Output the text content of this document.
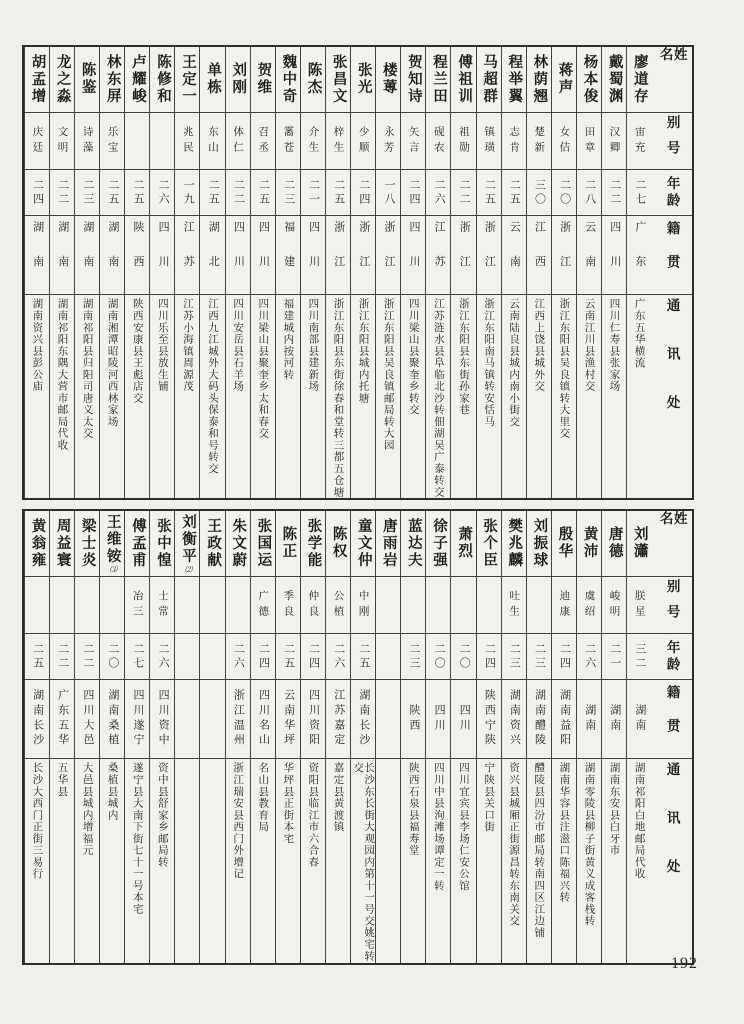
姓名
别号
年龄
籍贯
通讯处
廖道存
宙充
二七
广东
广东五华横流
戴蜀渊
汉卿
二二
四川
四川仁寿县张家场
杨本俊
田章
二八
云南
云南江川县渔村交
蒋声
女佶
二〇
浙江
浙江东阳县吴良镇转大里交
林荫翘
楚新
三〇
江西
江西上饶县城外交
程举翼
志肯
二五
云南
云南陆良县城内南小街交
马超群
镇璜
二五
浙江
浙江东阳南马镇转安恬马
傅祖训
祖勋
二二
浙江
浙江东阳县东街孙家巷
程兰田
砚农
二六
江苏
江苏涟水县阜临北沙转佃湖吴广泰转交
贺知诗
矢言
二四
四川
四川梁山县聚奎乡转交
楼蒪
永芳
一八
浙江
浙江东阳县吴良镇邮局转大园
张光
少顺
二四
浙江
浙江东阳县城内托塘
张昌文
梓生
二五
浙江
浙江东阳县东街徐春和堂转三都五仓塘
陈杰
介生
二一
四川
四川南部县建新场
魏中奇
霱苍
二三
福建
福建城内按河转
贺维
召丞
二五
四川
四川梁山县聚奎乡太和春交
刘刚
体仁
二二
四川
四川安岳县石羊场
单栋
东山
二五
湖北
江西九江城外大码头保泰和号转交
王定一
兆民
一九
江苏
江苏小海镇周源茂
陈修和
二六
四川
四川乐至县放生铺
卢耀峻
二五
陕西
陕西安康县王彪店交
林东屏
乐宝
二五
湖南
湖南湘潭昭陵河西林家场
陈鉴
诗藻
二三
湖南
湖南祁阳县归阳司唐义太交
龙之淼
文明
二二
湖南
湖南祁阳东隅大营市邮局代收
胡孟增
庆廷
二四
湖南
湖南资兴县彭公庙
姓名
别号
年龄
籍贯
通讯处
刘瀟
朕星
三二
湖南
湖南祁阳白地邮局代收
唐德
峻明
二一
湖南
湖南东安县白牙市
黄沛
虞绍
二六
湖南
湖南零陵县柳子街黄义成客栈转
殷华
迪康
二四
湖南益阳
湖南华容县注滋口陈福兴转
刘振球
二三
湖南醴陵
醴陵县四汾市邮局转南四区江边铺
樊兆麟
吐生
二三
湖南资兴
资兴县城厢正街源昌转东南关交
张个臣
二四
陕西宁陕
宁陕县关口街
萧烈
二〇
四川
四川宜宾县李场仁安公馆
徐子强
二〇
四川
四川中县洵滩场谭定一转
蓝达夫
二三
陕西
陕西石泉县福寿堂
唐雨岩
童文仲
中刚
二五
湖南长沙
长沙东长街大观园内第十一号交姚宅转交
陈权
公植
二六
江苏嘉定
嘉定县黄渡镇
张学能
仲良
二四
四川资阳
资阳县临江市六合春
陈正
季良
二五
云南华坪
华坪县正街本宅
张国运
广德
二四
四川名山
名山县教育局
朱文蔚
二六
浙江温州
浙江瑞安县西门外增记
王政献
刘衡平⑵
张中惶
士常
二六
四川资中
资中县舒家乡邮局转
傅孟甫
冶三
二七
四川遂宁
遂宁县大南下街七十一号本宅
王维铵⑶
二〇
湖南桑植
桑植县城内
梁士炎
二二
四川大邑
大邑县城内增福元
周益寰
二二
广东五华
五华县
黄翁雍
二五
湖南长沙
长沙大西门正街三易行
192
